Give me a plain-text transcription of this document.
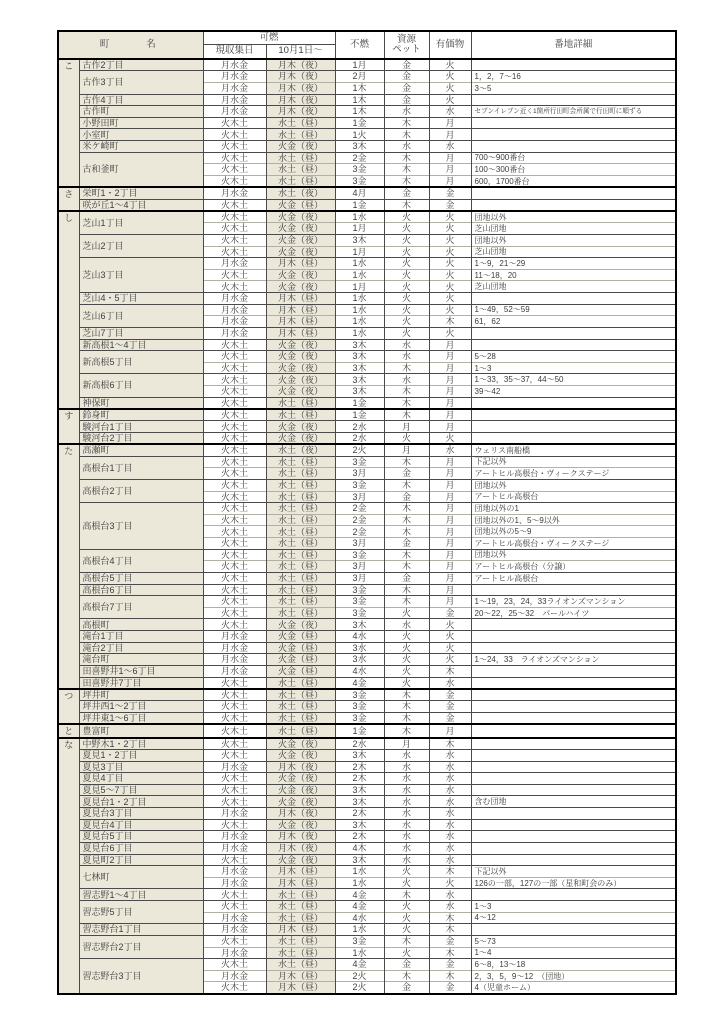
町　　名		可燃		不燃	資源
ペット	有価物	番地詳細
		現収集日	10月1日～				
こ	古作2丁目	月水金	月木（夜）	1月	金	火	
	古作3丁目	月水金	月木（夜）	2月	金	火	1，2，7～16
		月水金	月木（夜）	1木	金	火	3～5
	古作4丁目	月水金	月木（夜）	1木	金	火	
	古作町	月水金	月木（夜）	1木	水	水	セブンイレブン近く1箇所行田町会所属で行田町に順ずる
	小野田町	火木土	水土（昼）	1金	木	月	
	小室町	火木土	水土（昼）	1火	木	月	
	米ケ崎町	火木土	火金（夜）	3木	水	水	
	古和釜町	火木土	水土（昼）	2金	木	月	700～900番台
		火木土	水土（昼）	3金	木	月	100～300番台
		火木土	水土（昼）	3金	木	月	600，1700番台
さ	栄町1・2丁目	月水金	水土（夜）	4月	金	金	
	咲が丘1～4丁目	火木土	火金（昼）	1金	木	金	
し	芝山1丁目	火木土	火金（夜）	1水	火	火	団地以外
		火木土	火金（夜）	1月	火	火	芝山団地
	芝山2丁目	火木土	火金（夜）	3木	火	火	団地以外
		火木土	火金（夜）	1月	火	火	芝山団地
	芝山3丁目	月水金	月木（昼）	1水	火	火	1～9，21～29
		火木土	火金（夜）	1水	火	火	11～18，20
		火木土	火金（夜）	1月	火	火	芝山団地
	芝山4・5丁目	月水金	月木（昼）	1水	火	火	
	芝山6丁目	月水金	月木（昼）	1水	火	火	1～49，52～59
		月水金	月木（昼）	1水	火	木	61，62
	芝山7丁目	月水金	月木（昼）	1水	火	火	
	新高根1～4丁目	火木土	火金（夜）	3木	水	月	
	新高根5丁目	火木土	火金（夜）	3木	水	月	5～28
		火木土	火金（夜）	3木	木	月	1～3
	新高根6丁目	火木土	火金（夜）	3木	水	月	1～33，35～37，44～50
		火木土	火金（夜）	3木	木	月	39～42
	神保町	火木土	水土（昼）	1金	木	月	
す	鈴身町	火木土	水土（昼）	1金	木	月	
	駿河台1丁目	火木土	火金（夜）	2水	月	月	
	駿河台2丁目	火木土	火金（夜）	2水	火	火	
た	高瀬町	火木土	水土（夜）	2火	月	水	ウェリス南船橋
	高根台1丁目	火木土	水土（昼）	3金	木	月	下記以外
		火木土	水土（昼）	3月	金	月	アートヒル高根台・ヴィークステージ
	高根台2丁目	火木土	水土（昼）	3金	木	月	団地以外
		火木土	水土（昼）	3月	金	月	アートヒル高根台
	高根台3丁目	火木土	水土（昼）	2金	木	月	団地以外の1
		火木土	水土（昼）	2金	木	月	団地以外の1、5～9以外
		火木土	水土（昼）	2金	木	月	団地以外の5～9
		火木土	水土（昼）	3月	金	月	アートヒル高根台・ヴィークステージ
	高根台4丁目	火木土	水土（昼）	3金	木	月	団地以外
		火木土	水土（昼）	3月	木	月	アートヒル高根台（分譲）
	高根台5丁目	火木土	水土（昼）	3月	金	月	アートヒル高根台
	高根台6丁目	火木土	水土（昼）	3金	木	月	
	高根台7丁目	火木土	水土（昼）	3金	木	月	1～19，23，24，33ライオンズマンション
		火木土	水土（昼）	3金	火	金	20～22，25～32　パールハイツ
	高根町	火木土	火金（夜）	3木	水	火	
	滝台1丁目	月水金	火金（昼）	4水	火	火	
	滝台2丁目	月水金	火金（昼）	3水	火	火	
	滝台町	月水金	火金（昼）	3水	火	火	1～24，33　ライオンズマンション
	田喜野井1～6丁目	月水金	火金（昼）	4水	火	木	
	田喜野井7丁目	火木土	水土（昼）	4金	火	水	
つ	坪井町	火木土	水土（昼）	3金	木	金	
	坪井西1～2丁目	火木土	水土（昼）	3金	木	金	
	坪井東1～6丁目	火木土	水土（昼）	3金	木	金	
と	豊富町	火木土	水土（昼）	1金	木	月	
な	中野木1・2丁目	火木土	火金（夜）	2水	月	木	
	夏見1・2丁目	火木土	火金（夜）	3木	水	水	
	夏見3丁目	月水金	月木（夜）	2木	水	水	
	夏見4丁目	火木土	火金（夜）	2木	水	水	
	夏見5～7丁目	火木土	火金（夜）	3木	水	水	
	夏見台1・2丁目	火木土	火金（夜）	3木	水	水	含む団地
	夏見台3丁目	月水金	月木（夜）	2木	水	水	
	夏見台4丁目	火木土	火金（夜）	3木	水	水	
	夏見台5丁目	月水金	月木（夜）	2木	水	水	
	夏見台6丁目	月水金	月木（夜）	4木	水	水	
	夏見町2丁目	火木土	火金（夜）	3木	水	水	
	七林町	月水金	月木（昼）	1水	火	木	下記以外
		月水金	月木（昼）	1水	火	火	126の一部，127の一部（星和町会のみ）
	習志野1～4丁目	火木土	水土（昼）	4金	木	水	
	習志野5丁目	火木土	水土（昼）	4金	火	水	1～3
		月水金	水土（昼）	4水	火	木	4～12
	習志野台1丁目	月水金	月木（昼）	1水	火	木	
	習志野台2丁目	火木土	水土（昼）	3金	木	金	5～73
		月水金	水土（昼）	1水	火	木	1～4
	習志野台3丁目	火木土	水土（昼）	4金	金	金	6～8，13～18
		月水金	月木（昼）	2火	木	木	2，3，5，9～12　（団地）
		火木土	月木（昼）	2火	金	金	4（児童ホーム）
